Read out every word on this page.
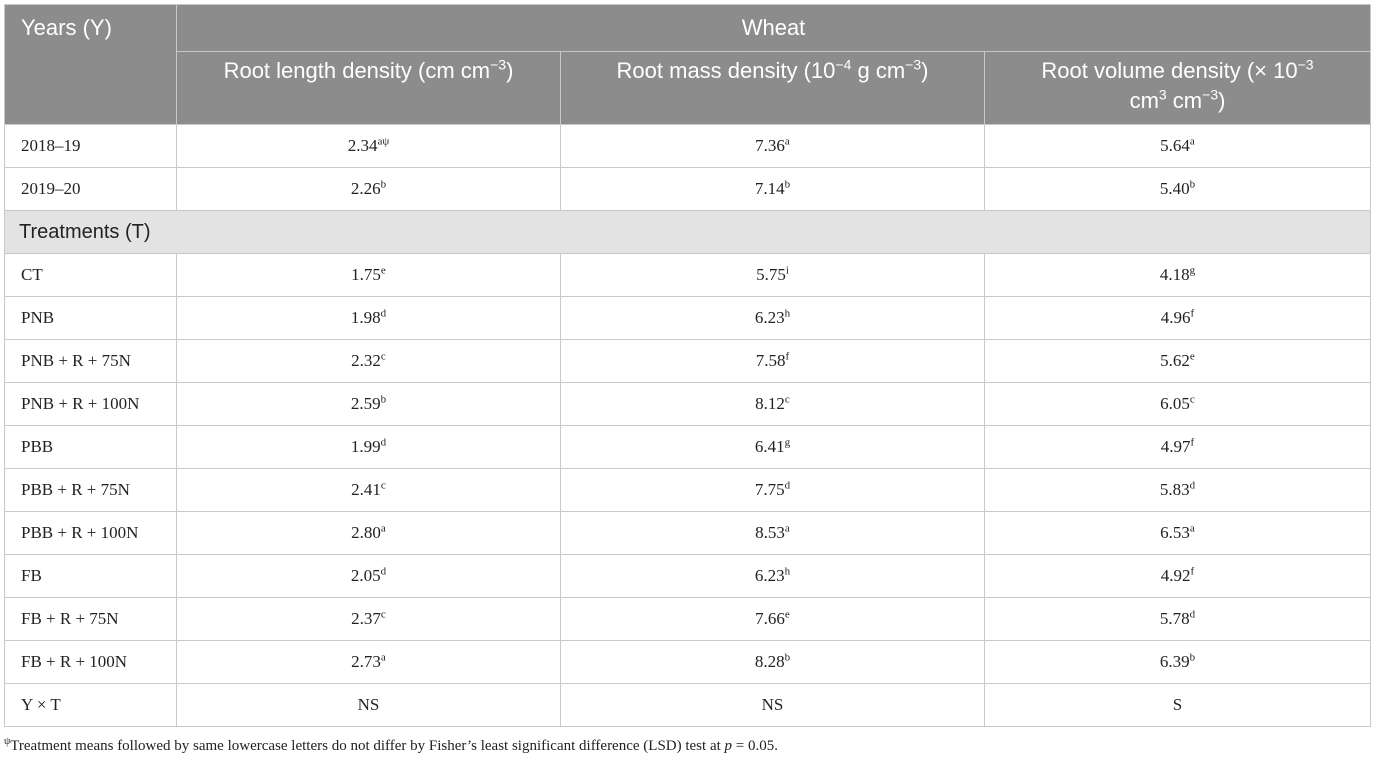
Years (Y)	Wheat		
	Root length density (cm $cm^{-3}$)	Root mass density ($10^{-4}$ g $cm^{-3}$)	Root volume density (× $10^{-3}$
$cm^3$ $cm^{-3}$)
2018–19	$2.34^{a\psi}$	7.36$^a$	5.64$^a$
2019–20	2.26$^b$	7.14$^b$	5.40$^b$
Treatments (T)			
CT	1.75e	5.75$^i$	4.18$^g$
PNB	1.98$^d$	6.23$^h$	4.96$^f$
PNB + R + 75N	2.32$^c$	7.58$^f$	5.62e
PNB + R + 100N	2.59$^b$	8.12$^c$	6.05$^c$
PBB	1.99$^d$	6.41$^g$	4.97$^f$
PBB + R + 75N	2.41$^c$	7.75$^d$	5.83$^d$
PBB + R + 100N	2.80$^a$	8.53$^a$	6.53$^a$
FB	2.05$^d$	6.23$^h$	4.92$^f$
FB + R + 75N	2.37$^c$	7.66e	5.78$^d$
FB + R + 100N	2.73$^a$	8.28$^b$	6.39$^b$
Y × T	NS	NS	S
$^\psi$Treatment means followed by same lowercase letters do not differ by Fisher’s least significant difference (LSD) test at p = 0.05.
